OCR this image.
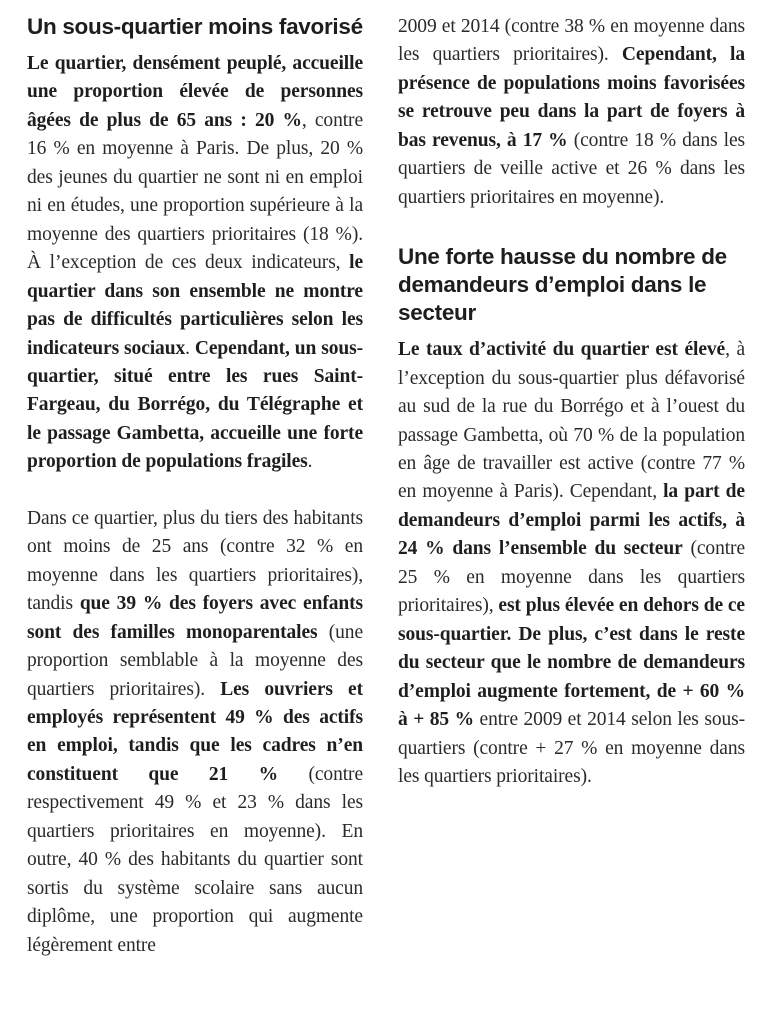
Un sous-quartier moins favorisé

Le quartier, densément peuplé, accueille une proportion élevée de personnes âgées de plus de 65 ans : 20 %, contre 16 % en moyenne à Paris. De plus, 20 % des jeunes du quartier ne sont ni en emploi ni en études, une proportion supérieure à la moyenne des quartiers prioritaires (18 %). À l’exception de ces deux indicateurs, le quartier dans son ensemble ne montre pas de difficultés particulières selon les indicateurs sociaux. Cependant, un sous-quartier, situé entre les rues Saint-Fargeau, du Borrégo, du Télégraphe et le passage Gambetta, accueille une forte proportion de populations fragiles.

Dans ce quartier, plus du tiers des habitants ont moins de 25 ans (contre 32 % en moyenne dans les quartiers prioritaires), tandis que 39 % des foyers avec enfants sont des familles monoparentales (une proportion semblable à la moyenne des quartiers prioritaires). Les ouvriers et employés représentent 49 % des actifs en emploi, tandis que les cadres n’en constituent que 21 % (contre respectivement 49 % et 23 % dans les quartiers prioritaires en moyenne). En outre, 40 % des habitants du quartier sont sortis du système scolaire sans aucun diplôme, une proportion qui augmente légèrement entre

2009 et 2014 (contre 38 % en moyenne dans les quartiers prioritaires). Cependant, la présence de populations moins favorisées se retrouve peu dans la part de foyers à bas revenus, à 17 % (contre 18 % dans les quartiers de veille active et 26 % dans les quartiers prioritaires en moyenne).

Une forte hausse du nombre de demandeurs d’emploi dans le secteur

Le taux d’activité du quartier est élevé, à l’exception du sous-quartier plus défavorisé au sud de la rue du Borrégo et à l’ouest du passage Gambetta, où 70 % de la population en âge de travailler est active (contre 77 % en moyenne à Paris). Cependant, la part de demandeurs d’emploi parmi les actifs, à 24 % dans l’ensemble du secteur (contre 25 % en moyenne dans les quartiers prioritaires), est plus élevée en dehors de ce sous-quartier. De plus, c’est dans le reste du secteur que le nombre de demandeurs d’emploi augmente fortement, de + 60 % à + 85 % entre 2009 et 2014 selon les sous-quartiers (contre + 27 % en moyenne dans les quartiers prioritaires).
